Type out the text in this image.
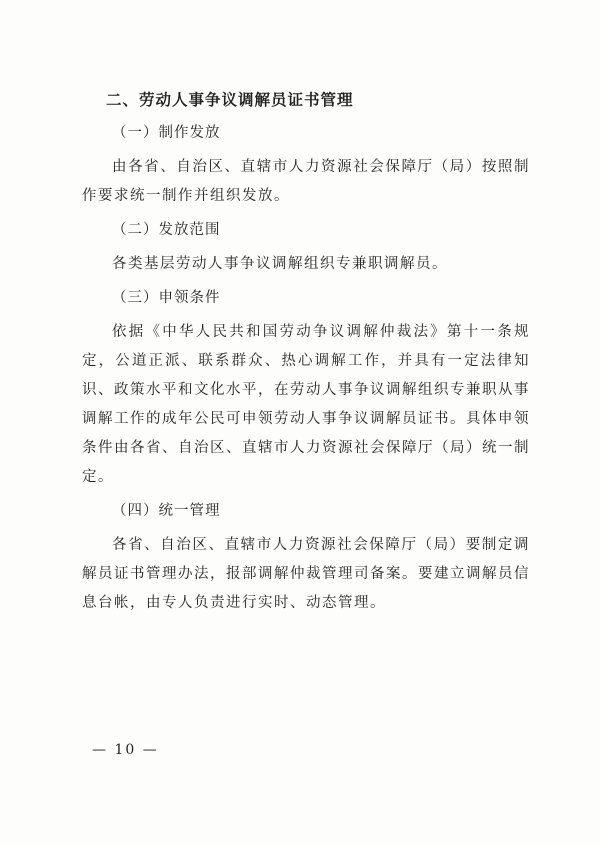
二、劳动人事争议调解员证书管理
（一）制作发放

由各省、自治区、直辖市人力资源社会保障厅（局）按照制作要求统一制作并组织发放。

（二）发放范围

各类基层劳动人事争议调解组织专兼职调解员。

（三）申领条件

依据《中华人民共和国劳动争议调解仲裁法》第十一条规定，公道正派、联系群众、热心调解工作，并具有一定法律知识、政策水平和文化水平，在劳动人事争议调解组织专兼职从事调解工作的成年公民可申领劳动人事争议调解员证书。具体申领条件由各省、自治区、直辖市人力资源社会保障厅（局）统一制定。

（四）统一管理

各省、自治区、直辖市人力资源社会保障厅（局）要制定调解员证书管理办法，报部调解仲裁管理司备案。要建立调解员信息台帐，由专人负责进行实时、动态管理。

— 10 —
